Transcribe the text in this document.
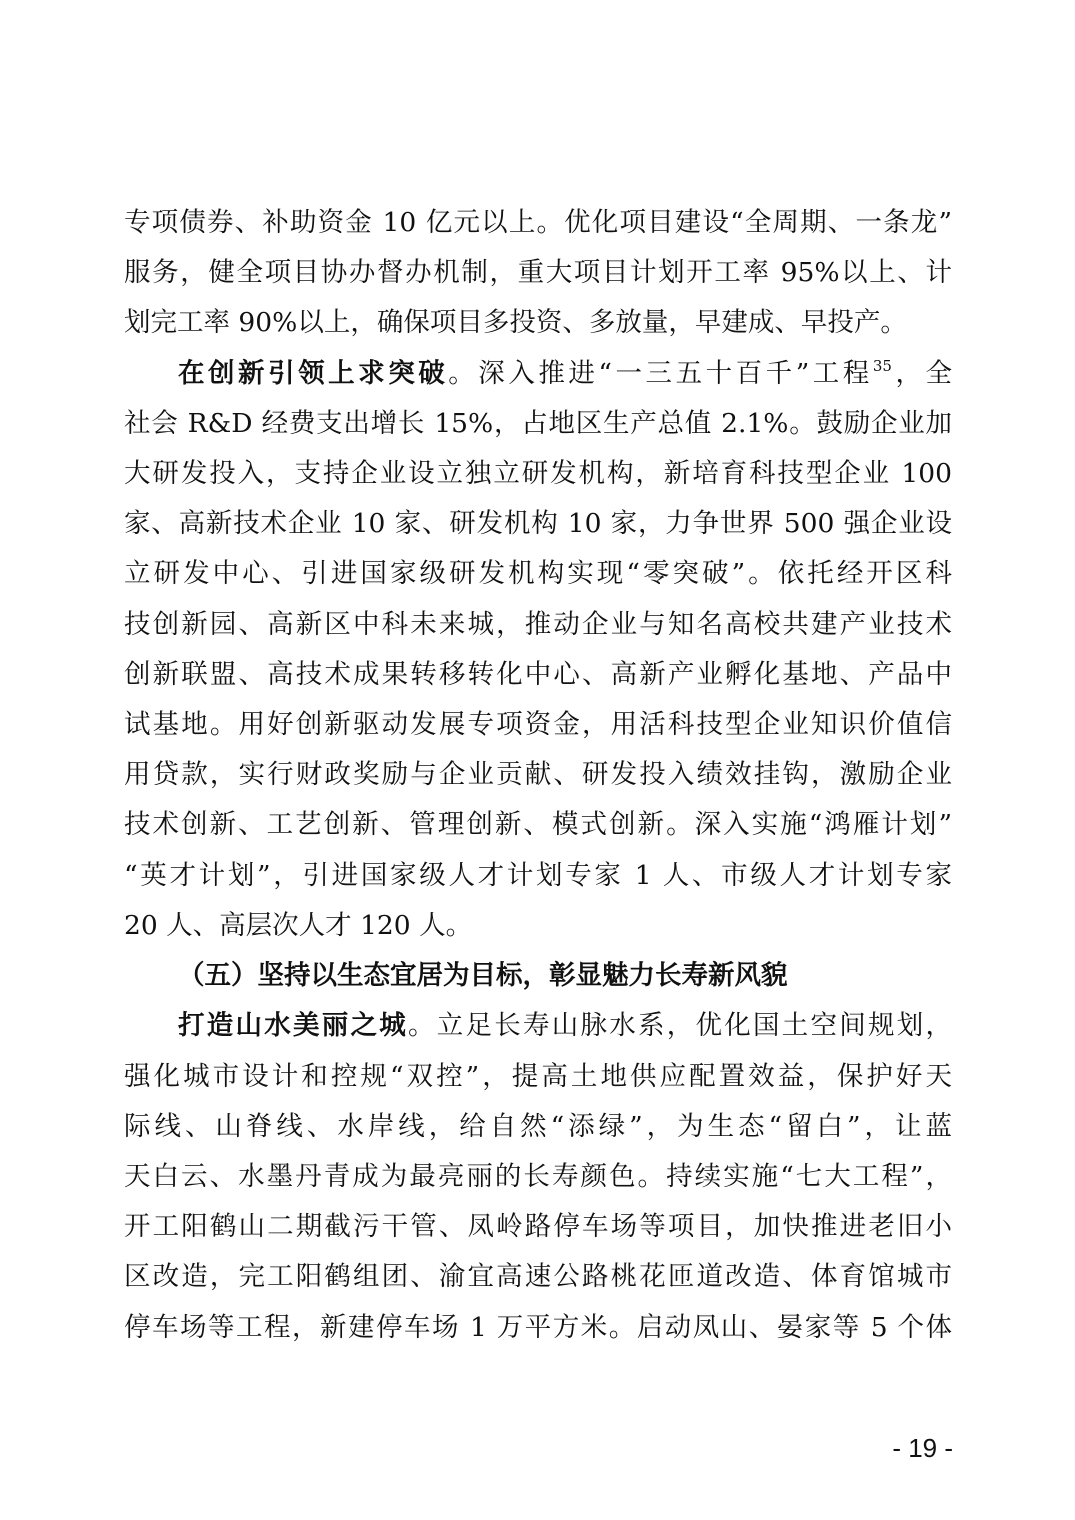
专项债券、补助资金 10 亿元以上。优化项目建设“全周期、一条龙”
服务，健全项目协办督办机制，重大项目计划开工率 95%以上、计
划完工率 90%以上，确保项目多投资、多放量，早建成、早投产。
在创新引领上求突破。深入推进“一三五十百千”工程$^{35}$，全
社会 R&D 经费支出增长 15%，占地区生产总值 2.1%。鼓励企业加
大研发投入，支持企业设立独立研发机构，新培育科技型企业 100
家、高新技术企业 10 家、研发机构 10 家，力争世界 500 强企业设
立研发中心、引进国家级研发机构实现“零突破”。依托经开区科
技创新园、高新区中科未来城，推动企业与知名高校共建产业技术
创新联盟、高技术成果转移转化中心、高新产业孵化基地、产品中
试基地。用好创新驱动发展专项资金，用活科技型企业知识价值信
用贷款，实行财政奖励与企业贡献、研发投入绩效挂钩，激励企业
技术创新、工艺创新、管理创新、模式创新。深入实施“鸿雁计划”
“英才计划”，引进国家级人才计划专家 1 人、市级人才计划专家
20 人、高层次人才 120 人。
（五）坚持以生态宜居为目标，彰显魅力长寿新风貌
打造山水美丽之城。立足长寿山脉水系，优化国土空间规划，
强化城市设计和控规“双控”，提高土地供应配置效益，保护好天
际线、山脊线、水岸线，给自然“添绿”，为生态“留白”，让蓝
天白云、水墨丹青成为最亮丽的长寿颜色。持续实施“七大工程”，
开工阳鹤山二期截污干管、凤岭路停车场等项目，加快推进老旧小
区改造，完工阳鹤组团、渝宜高速公路桃花匝道改造、体育馆城市
停车场等工程，新建停车场 1 万平方米。启动凤山、晏家等 5 个体
- 19 -
